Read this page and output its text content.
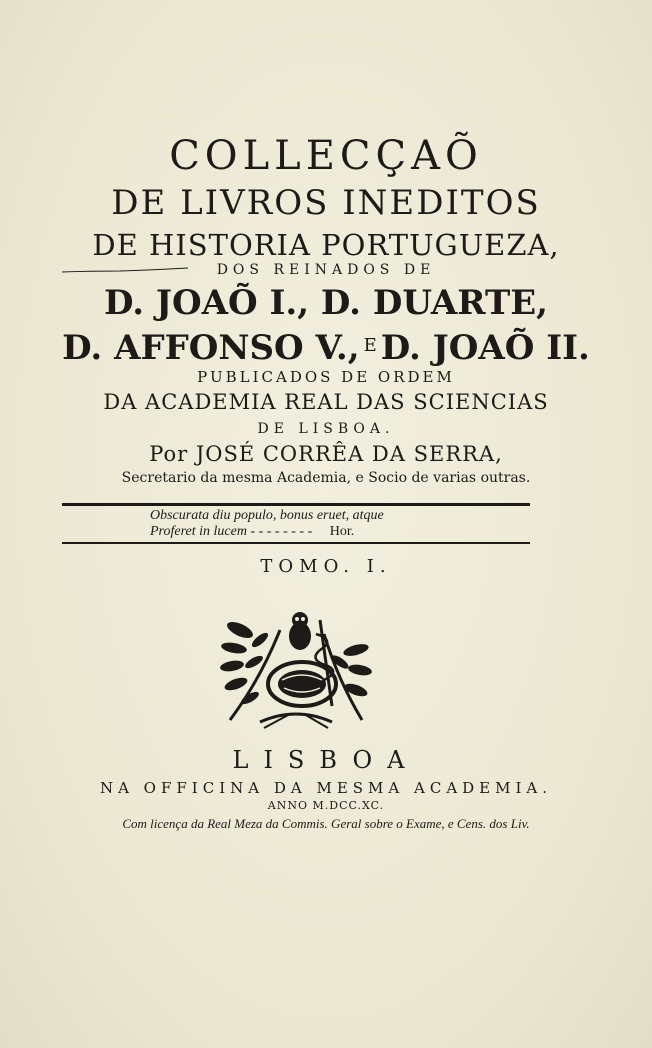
COLLECÇAÕ
DE LIVROS INEDITOS
DE HISTORIA PORTUGUEZA,
DOS REINADOS DE
D. JOAÕ I., D. DUARTE,
D. AFFONSO V., $^E$ D. JOAÕ II.
PUBLICADOS DE ORDEM
DA ACADEMIA REAL DAS SCIENCIAS
DE LISBOA.
Por JOSÉ CORRÊA DA SERRA,
Secretario da mesma Academia, e Socio de varias outras.
Obscurata diu populo, bonus eruet, atque
Proferet in lucem - - - - - - - - Hor.
TOMO. I.
LISBOA
NA OFFICINA DA MESMA ACADEMIA.
ANNO M.DCC.XC.
Com licença da Real Meza da Commis. Geral sobre o Exame, e Cens. dos Liv.
